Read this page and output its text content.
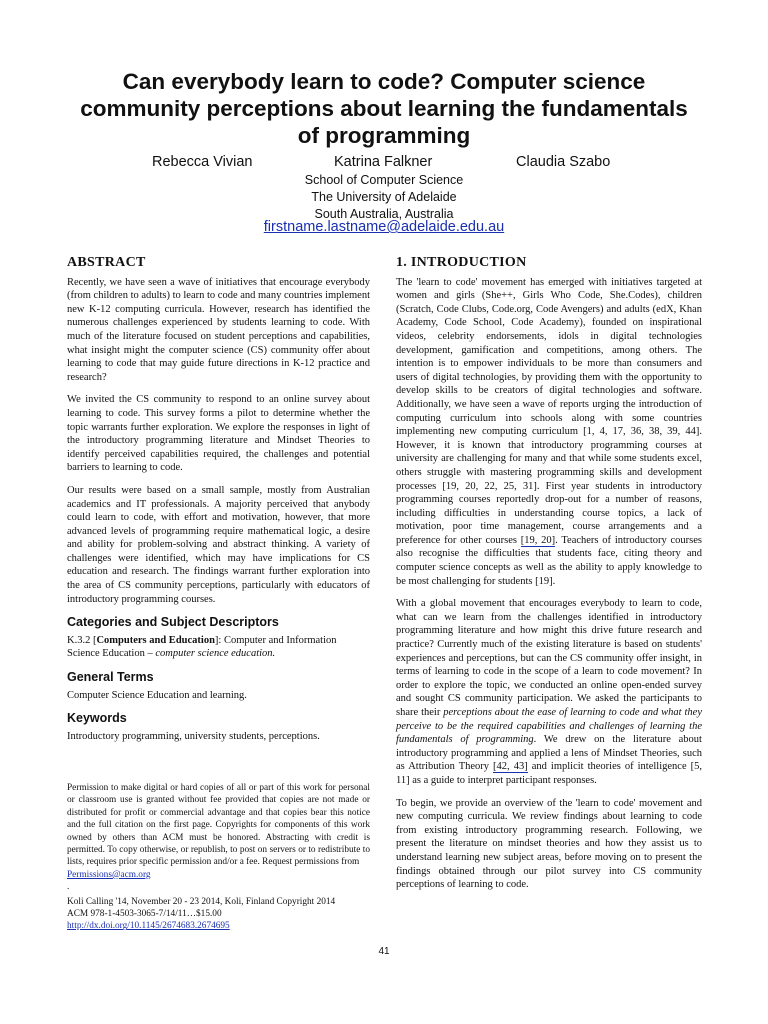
Can everybody learn to code? Computer science
community perceptions about learning the fundamentals
of programming
Rebecca Vivian	Katrina Falkner	Claudia Szabo
School of Computer Science
The University of Adelaide
South Australia, Australia
firstname.lastname@adelaide.edu.au
ABSTRACT

Recently, we have seen a wave of initiatives that encourage everybody (from children to adults) to learn to code and many countries implement new K-12 computing curricula. However, research has identified the numerous challenges experienced by students learning to code. With much of the literature focused on student perceptions and capabilities, what insight might the computer science (CS) community offer about learning to code that may guide future directions in K-12 practice and research?

We invited the CS community to respond to an online survey about learning to code. This survey forms a pilot to determine whether the topic warrants further exploration. We explore the responses in light of the introductory programming literature and Mindset Theories to identify perceived capabilities required, the challenges and potential barriers to learning to code.

Our results were based on a small sample, mostly from Australian academics and IT professionals. A majority perceived that anybody could learn to code, with effort and motivation, however, that more advanced levels of programming require mathematical logic, a desire and ability for problem-solving and abstract thinking. A variety of challenges were identified, which may have implications for CS education and research. The findings warrant further exploration into the area of CS community perceptions, particularly with educators of introductory programming courses.

Categories and Subject Descriptors

K.3.2 [Computers and Education]: Computer and Information Science Education – computer science education.

General Terms

Computer Science Education and learning.

Keywords

Introductory programming, university students, perceptions.

Permission to make digital or hard copies of all or part of this work for personal or classroom use is granted without fee provided that copies are not made or distributed for profit or commercial advantage and that copies bear this notice and the full citation on the first page. Copyrights for components of this work owned by others than ACM must be honored. Abstracting with credit is permitted. To copy otherwise, or republish, to post on servers or to redistribute to lists, requires prior specific permission and/or a fee. Request permissions from
Permissions@acm.org
.
Koli Calling '14, November 20 - 23 2014, Koli, Finland Copyright 2014
ACM 978-1-4503-3065-7/14/11…$15.00
http://dx.doi.org/10.1145/2674683.2674695
1. INTRODUCTION

The 'learn to code' movement has emerged with initiatives targeted at women and girls (She++, Girls Who Code, She.Codes), children (Scratch, Code Clubs, Code.org, Code Avengers) and adults (edX, Khan Academy, Code School, Code Academy), founded on inspirational videos, celebrity endorsements, idols in digital technologies development, gamification and competitions, among others. The intention is to empower individuals to be more than consumers and users of digital technologies, by providing them with the opportunity to develop skills to be creators of digital technologies and software. Additionally, we have seen a wave of reports urging the introduction of computing curriculum into schools along with some countries implementing new computing curriculum [1, 4, 17, 36, 38, 39, 44]. However, it is known that introductory programming courses at university are challenging for many and that while some students excel, others struggle with mastering programming skills and development processes [19, 20, 22, 25, 31]. First year students in introductory programming courses reportedly drop-out for a number of reasons, including difficulties in understanding course topics, a lack of motivation, poor time management, course arrangements and a preference for other courses [19, 20]. Teachers of introductory courses also recognise the difficulties that students face, citing theory and computer science concepts as well as the ability to apply knowledge to be most challenging for students [19].

With a global movement that encourages everybody to learn to code, what can we learn from the challenges identified in introductory programming literature and how might this drive future research and practice? Currently much of the existing literature is based on students' experiences and perceptions, but can the CS community offer insight, in terms of learning to code in the scope of a learn to code movement? In order to explore the topic, we conducted an online open-ended survey and sought CS community participation. We asked the participants to share their perceptions about the ease of learning to code and what they perceive to be the required capabilities and challenges of learning the fundamentals of programming. We drew on the literature about introductory programming and applied a lens of Mindset Theories, such as Attribution Theory [42, 43] and implicit theories of intelligence [5, 11] as a guide to interpret participant responses.

To begin, we provide an overview of the 'learn to code' movement and new computing curricula. We review findings about learning to code from existing introductory programming research. Following, we present the literature on mindset theories and how they assist us to understand learning new subject areas, before moving on to present the findings obtained through our pilot survey into CS community perceptions of learning to code.

41
